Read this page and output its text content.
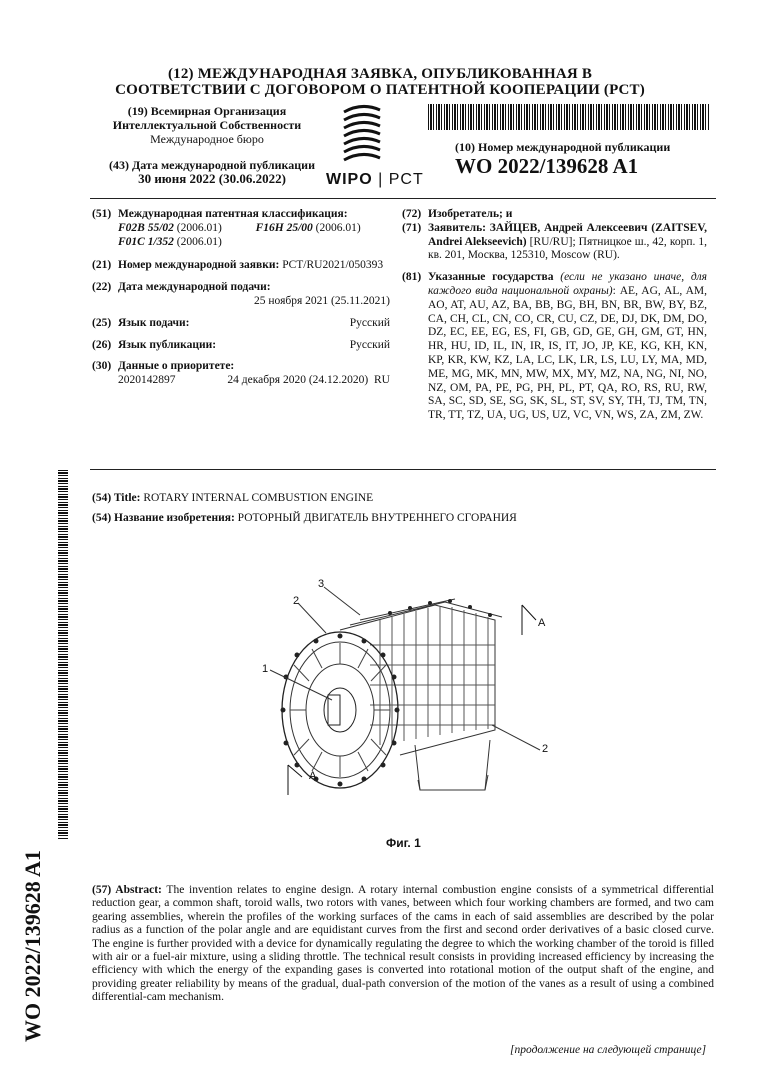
(12) МЕЖДУНАРОДНАЯ ЗАЯВКА, ОПУБЛИКОВАННАЯ В
СООТВЕТСТВИИ С ДОГОВОРОМ О ПАТЕНТНОЙ КООПЕРАЦИИ (PCT)
(19) Всемирная Организация
Интеллектуальной Собственности
Международное бюро
(43) Дата международной публикации
30 июня 2022 (30.06.2022)	WIPO | PCT
(10) Номер международной публикации
WO 2022/139628 A1
(51) Международная патентная классификация:
F02B 55/02 (2006.01)	F16H 25/00 (2006.01)
F01C 1/352 (2006.01)
(21) Номер международной заявки: PCT/RU2021/050393
(22) Дата международной подачи:
25 ноября 2021 (25.11.2021)
(25) Язык подачи:	Русский
(26) Язык публикации:	Русский
(30) Данные о приоритете:
2020142897	24 декабря 2020 (24.12.2020) RU
(72) Изобретатель; и
(71) Заявитель: ЗАЙЦЕВ, Андрей Алексеевич (ZAITSEV, Andrei Alekseevich) [RU/RU]; Пятницкое ш., 42, корп. 1, кв. 201, Москва, 125310, Moscow (RU).
(81) Указанные государства (если не указано иначе, для каждого вида национальной охраны): AE, AG, AL, AM, AO, AT, AU, AZ, BA, BB, BG, BH, BN, BR, BW, BY, BZ, CA, CH, CL, CN, CO, CR, CU, CZ, DE, DJ, DK, DM, DO, DZ, EC, EE, EG, ES, FI, GB, GD, GE, GH, GM, GT, HN, HR, HU, ID, IL, IN, IR, IS, IT, JO, JP, KE, KG, KH, KN, KP, KR, KW, KZ, LA, LC, LK, LR, LS, LU, LY, MA, MD, ME, MG, MK, MN, MW, MX, MY, MZ, NA, NG, NI, NO, NZ, OM, PA, PE, PG, PH, PL, PT, QA, RO, RS, RU, RW, SA, SC, SD, SE, SG, SK, SL, ST, SV, SY, TH, TJ, TM, TN, TR, TT, TZ, UA, UG, US, UZ, VC, VN, WS, ZA, ZM, ZW.
(54) Title: ROTARY INTERNAL COMBUSTION ENGINE
(54) Название изобретения: РОТОРНЫЙ ДВИГАТЕЛЬ ВНУТРЕННЕГО СГОРАНИЯ
1
2
3
2
A
A
Фиг. 1
WO 2022/139628 A1	(57) Abstract: The invention relates to engine design. A rotary internal combustion engine consists of a symmetrical differential reduction gear, a common shaft, toroid walls, two rotors with vanes, between which four working chambers are formed, and two cam gearing assemblies, wherein the profiles of the working surfaces of the cams in each of said assemblies are described by the polar radius as a function of the polar angle and are equidistant curves from the first and second order derivatives of a basic closed curve. The engine is further provided with a device for dynamically regulating the degree to which the working chamber of the toroid is filled with air or a fuel-air mixture, using a sliding throttle. The technical result consists in providing increased efficiency by increasing the efficiency with which the energy of the expanding gases is converted into rotational motion of the output shaft of the engine, and providing greater reliability by means of the gradual, dual-path conversion of the motion of the vanes as a result of using a combined differential-cam mechanism.
[продолжение на следующей странице]
